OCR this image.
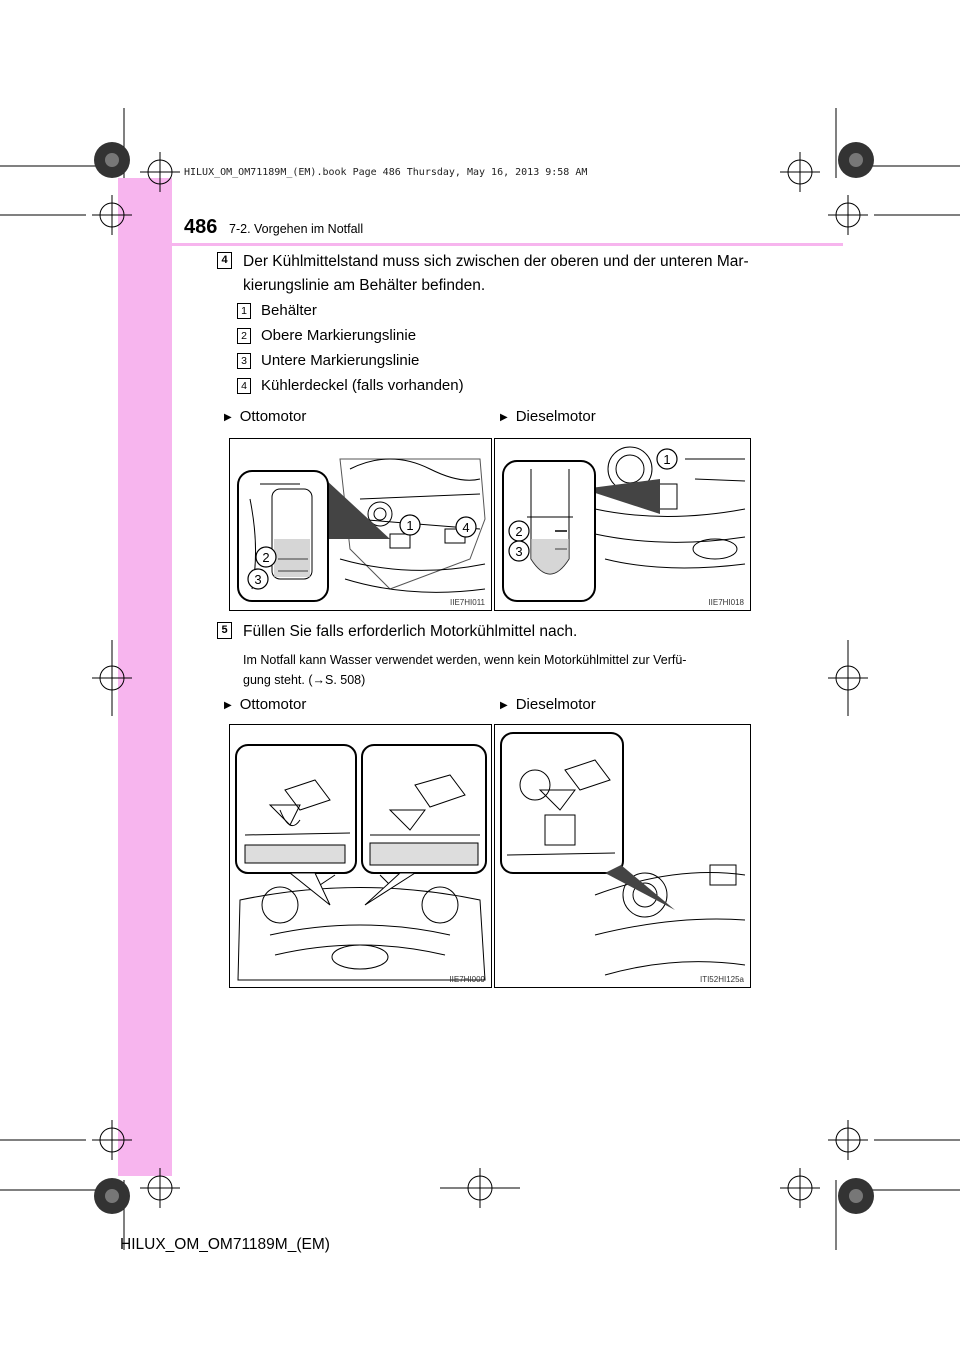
HILUX_OM_OM71189M_(EM).book Page 486 Thursday, May 16, 2013 9:58 AM
486 7-2. Vorgehen im Notfall
4 Der Kühlmittelstand muss sich zwischen der oberen und der unteren Mar-
kierungslinie am Behälter befinden.
1 Behälter
2 Obere Markierungslinie
3 Untere Markierungslinie
4 Kühlerdeckel (falls vorhanden)
▶ Ottomotor	▶ Dieselmotor
1	4
2
3
IIE7HI011
1
2
3
IIE7HI018
5 Füllen Sie falls erforderlich Motorkühlmittel nach.
Im Notfall kann Wasser verwendet werden, wenn kein Motorkühlmittel zur Verfü-
gung steht. (→S. 508)
▶ Ottomotor	▶ Dieselmotor
IIE7HI009	ITI52HI125a
HILUX_OM_OM71189M_(EM)
